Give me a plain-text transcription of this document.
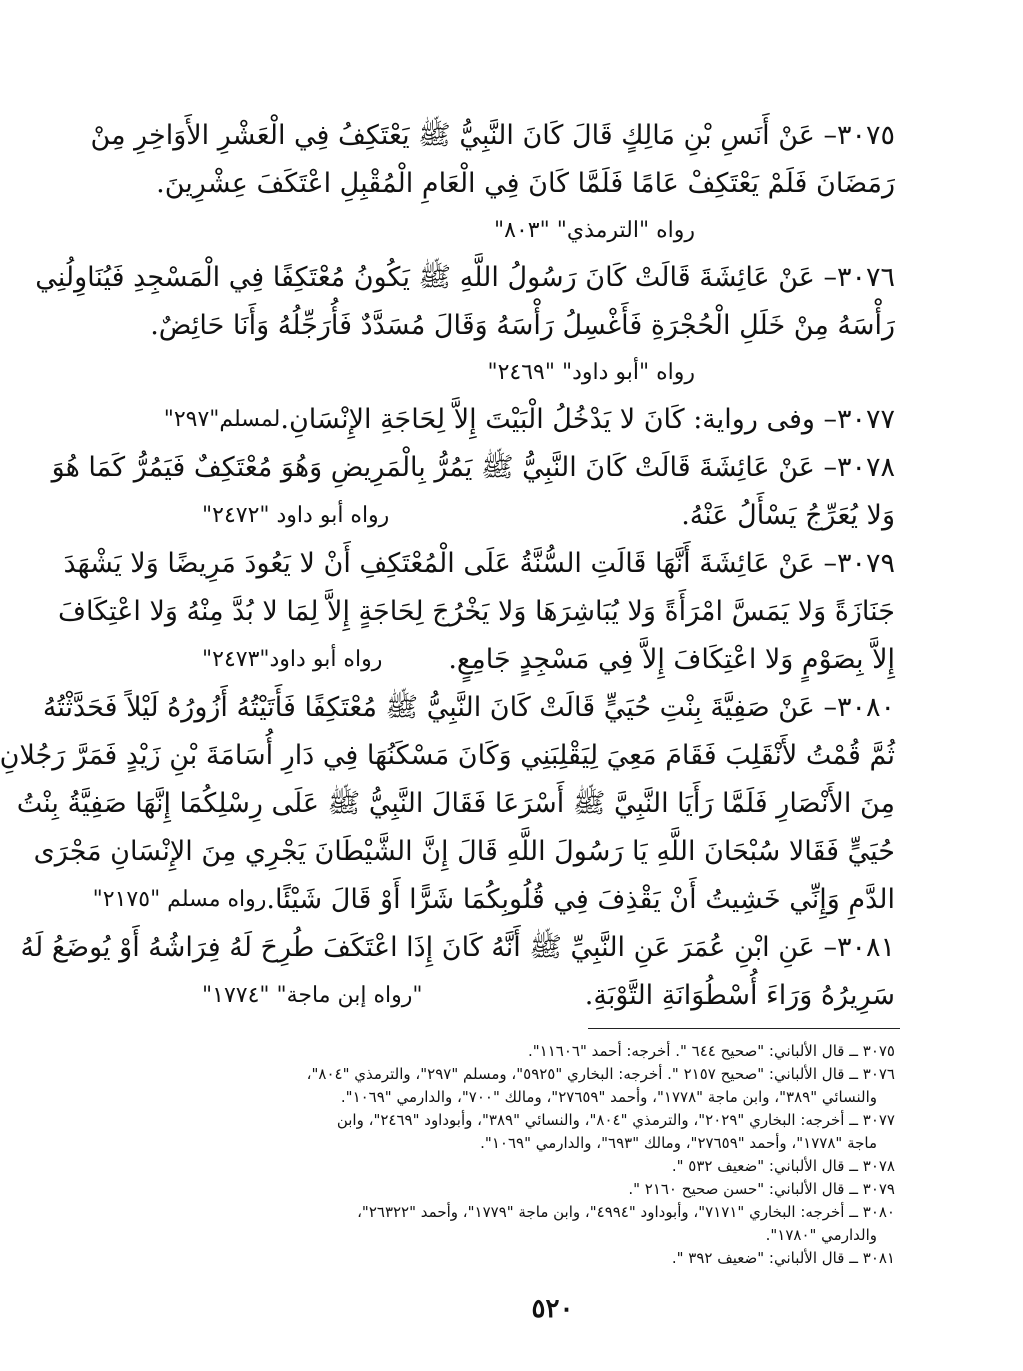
٣٠٧٥– عَنْ أَنَسِ بْنِ مَالِكٍ قَالَ كَانَ النَّبِيُّ ﷺ يَعْتَكِفُ فِي الْعَشْرِ الأَوَاخِرِ مِنْ
رَمَضَانَ فَلَمْ يَعْتَكِفْ عَامًا فَلَمَّا كَانَ فِي الْعَامِ الْمُقْبِلِ اعْتَكَفَ عِشْرِينَ.
رواه "الترمذي" "٨٠٣"
٣٠٧٦– عَنْ عَائِشَةَ قَالَتْ كَانَ رَسُولُ اللَّهِ ﷺ يَكُونُ مُعْتَكِفًا فِي الْمَسْجِدِ فَيُنَاوِلُنِي
رَأْسَهُ مِنْ خَلَلِ الْحُجْرَةِ فَأَغْسِلُ رَأْسَهُ وَقَالَ مُسَدَّدٌ فَأُرَجِّلُهُ وَأَنَا حَائِضٌ.
رواه "أبو داود" "٢٤٦٩"
٣٠٧٧– وفى رواية: كَانَ لا يَدْخُلُ الْبَيْتَ إِلاَّ لِحَاجَةِ الإِنْسَانِ.
لمسلم"٢٩٧"
٣٠٧٨– عَنْ عَائِشَةَ قَالَتْ كَانَ النَّبِيُّ ﷺ يَمُرُّ بِالْمَرِيضِ وَهُوَ مُعْتَكِفٌ فَيَمُرُّ كَمَا هُوَ
وَلا يُعَرِّجُ يَسْأَلُ عَنْهُ.
رواه أبو داود "٢٤٧٢"
٣٠٧٩– عَنْ عَائِشَةَ أَنَّهَا قَالَتِ السُّنَّةُ عَلَى الْمُعْتَكِفِ أَنْ لا يَعُودَ مَرِيضًا وَلا يَشْهَدَ
جَنَازَةً وَلا يَمَسَّ امْرَأَةً وَلا يُبَاشِرَهَا وَلا يَخْرُجَ لِحَاجَةٍ إِلاَّ لِمَا لا بُدَّ مِنْهُ وَلا اعْتِكَافَ
إِلاَّ بِصَوْمٍ وَلا اعْتِكَافَ إِلاَّ فِي مَسْجِدٍ جَامِعٍ.
رواه أبو داود"٢٤٧٣"
٣٠٨٠– عَنْ صَفِيَّةَ بِنْتِ حُيَيٍّ قَالَتْ كَانَ النَّبِيُّ ﷺ مُعْتَكِفًا فَأَتَيْتُهُ أَزُورُهُ لَيْلاً فَحَدَّثْتُهُ
ثُمَّ قُمْتُ لأَنْقَلِبَ فَقَامَ مَعِيَ لِيَقْلِبَنِي وَكَانَ مَسْكَنُهَا فِي دَارِ أُسَامَةَ بْنِ زَيْدٍ فَمَرَّ رَجُلانِ
مِنَ الأَنْصَارِ فَلَمَّا رَأَيَا النَّبِيَّ ﷺ أَسْرَعَا فَقَالَ النَّبِيُّ ﷺ عَلَى رِسْلِكُمَا إِنَّهَا صَفِيَّةُ بِنْتُ
حُيَيٍّ فَقَالا سُبْحَانَ اللَّهِ يَا رَسُولَ اللَّهِ قَالَ إِنَّ الشَّيْطَانَ يَجْرِي مِنَ الإِنْسَانِ مَجْرَى
الدَّمِ وَإِنِّي خَشِيتُ أَنْ يَقْذِفَ فِي قُلُوبِكُمَا شَرًّا أَوْ قَالَ شَيْئًا.
رواه مسلم "٢١٧٥"
٣٠٨١– عَنِ ابْنِ عُمَرَ عَنِ النَّبِيِّ ﷺ أَنَّهُ كَانَ إِذَا اعْتَكَفَ طُرِحَ لَهُ فِرَاشُهُ أَوْ يُوضَعُ لَهُ
سَرِيرُهُ وَرَاءَ أُسْطُوَانَةِ التَّوْبَةِ.
"رواه إبن ماجة" "١٧٧٤"
٣٠٧٥ ــ قال الألباني: "صحيح ٦٤٤ ". أخرجه: أحمد "١١٦٠٦".
٣٠٧٦ ــ قال الألباني: "صحيح ٢١٥٧ ". أخرجه: البخاري "٥٩٢٥"، ومسلم "٢٩٧"، والترمذي "٨٠٤"،
والنسائي "٣٨٩"، وابن ماجة "١٧٧٨"، وأحمد "٢٧٦٥٩"، ومالك "٧٠٠"، والدارمي "١٠٦٩".
٣٠٧٧ ــ أخرجه: البخاري "٢٠٢٩"، والترمذي "٨٠٤"، والنسائي "٣٨٩"، وأبوداود "٢٤٦٩"، وابن
ماجة "١٧٧٨"، وأحمد "٢٧٦٥٩"، ومالك "٦٩٣"، والدارمي "١٠٦٩".
٣٠٧٨ ــ قال الألباني: "ضعيف ٥٣٢ ".
٣٠٧٩ ــ قال الألباني: "حسن صحيح ٢١٦٠ ".
٣٠٨٠ ــ أخرجه: البخاري "٧١٧١"، وأبوداود "٤٩٩٤"، وابن ماجة "١٧٧٩"، وأحمد "٢٦٣٢٢"،
والدارمي "١٧٨٠".
٣٠٨١ ــ قال الألباني: "ضعيف ٣٩٢ ".
٥٢٠
